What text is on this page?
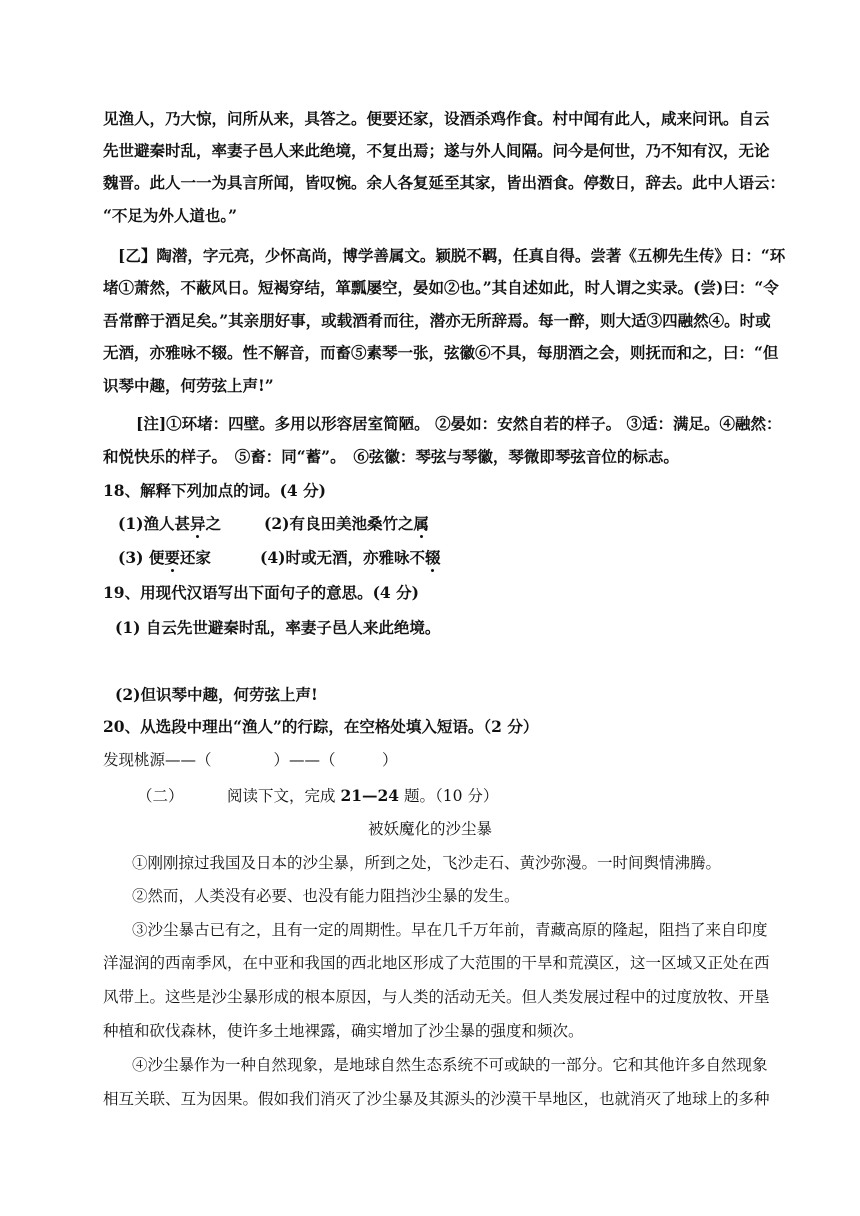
见渔人，乃大惊，问所从来，具答之。便要还家，设酒杀鸡作食。村中闻有此人，咸来问讯。自云
先世避秦时乱，率妻子邑人来此绝境，不复出焉；遂与外人间隔。问今是何世，乃不知有汉，无论
魏晋。此人一一为具言所闻，皆叹惋。余人各复延至其家，皆出酒食。停数日，辞去。此中人语云：
“不足为外人道也。”
[乙】陶潜，字元亮，少怀高尚，博学善属文。颖脱不羁，任真自得。尝著《五柳先生传》日：“环
堵①萧然，不蔽风日。短褐穿结，箪瓢屡空，晏如②也。”其自述如此，时人谓之实录。(尝)曰：“令
吾常醉于酒足矣。”其亲朋好事，或载酒肴而往，潜亦无所辞焉。每一醉，则大适③四融然④。时或
无酒，亦雅咏不辍。性不解音，而畜⑤素琴一张，弦徽⑥不具，每朋酒之会，则抚而和之，曰：“但
识琴中趣，何劳弦上声!”
[注]①环堵：四壁。多用以形容居室简陋。 ②晏如：安然自若的样子。 ③适：满足。④融然：
和悦快乐的样子。　⑤畜：同“蓄”。　⑥弦徽：琴弦与琴徽，琴微即琴弦音位的标志。
18、解释下列加点的词。(4 分)
(1)渔人甚异之	(2)有良田美池桑竹之属
(3) 便要还家	(4)时或无酒，亦雅咏不辍
19、用现代汉语写出下面句子的意思。(4 分)
(1) 自云先世避秦时乱，率妻子邑人来此绝境。
(2)但识琴中趣，何劳弦上声!
20、从选段中理出“渔人”的行踪，在空格处填入短语。（2 分）
发现桃源——（　　　　）——（　　　）
（二）	阅读下文，完成 21—24 题。（10 分）
被妖魔化的沙尘暴
①刚刚掠过我国及日本的沙尘暴，所到之处，飞沙走石、黄沙弥漫。一时间舆情沸腾。
②然而，人类没有必要、也没有能力阻挡沙尘暴的发生。
③沙尘暴古已有之，且有一定的周期性。早在几千万年前，青藏高原的隆起，阻挡了来自印度
洋湿润的西南季风，在中亚和我国的西北地区形成了大范围的干旱和荒漠区，这一区域又正处在西
风带上。这些是沙尘暴形成的根本原因，与人类的活动无关。但人类发展过程中的过度放牧、开垦
种植和砍伐森林，使许多土地裸露，确实增加了沙尘暴的强度和频次。
④沙尘暴作为一种自然现象，是地球自然生态系统不可或缺的一部分。它和其他许多自然现象
相互关联、互为因果。假如我们消灭了沙尘暴及其源头的沙漠干旱地区，也就消灭了地球上的多种
